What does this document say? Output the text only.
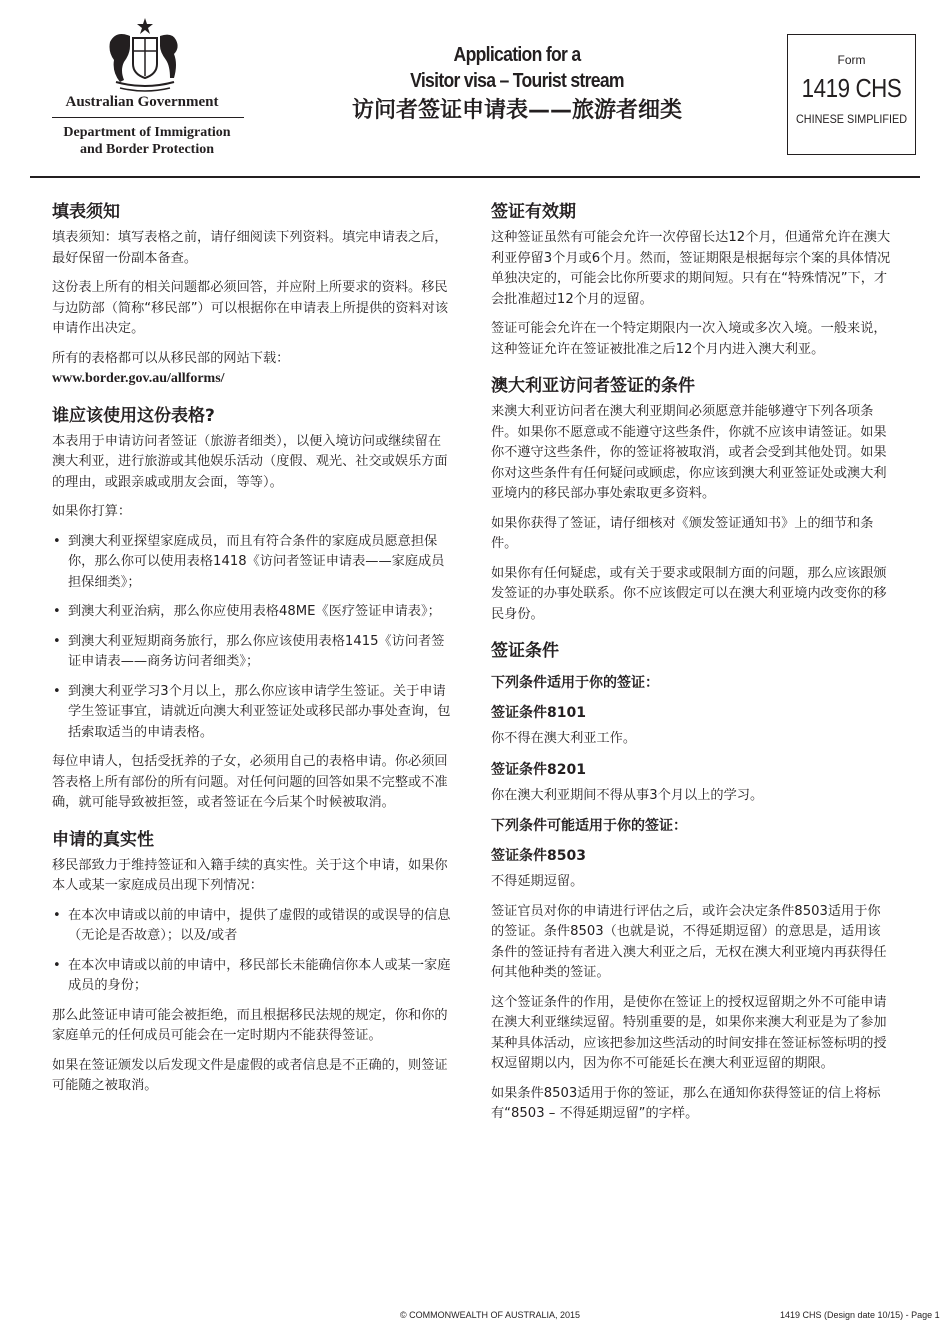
Australian Government
Department of Immigration
and Border Protection
Application for a
Visitor visa – Tourist stream
访问者签证申请表——旅游者细类
Form
1419 CHS
CHINESE SIMPLIFIED
填表须知

填表须知：填写表格之前，请仔细阅读下列资料。填完申请表之后，最好保留一份副本备查。

这份表上所有的相关问题都必须回答，并应附上所要求的资料。移民与边防部（简称“移民部”）可以根据你在申请表上所提供的资料对该申请作出决定。

所有的表格都可以从移民部的网站下载：
www.border.gov.au/allforms/

谁应该使用这份表格?

本表用于申请访问者签证（旅游者细类），以便入境访问或继续留在澳大利亚，进行旅游或其他娱乐活动（度假、观光、社交或娱乐方面的理由，或跟亲戚或朋友会面，等等）。

如果你打算：

• 到澳大利亚探望家庭成员，而且有符合条件的家庭成员愿意担保你，那么你可以使用表格1418《访问者签证申请表——家庭成员担保细类》；
• 到澳大利亚治病，那么你应使用表格48ME《医疗签证申请表》；
• 到澳大利亚短期商务旅行，那么你应该使用表格1415《访问者签证申请表——商务访问者细类》；
• 到澳大利亚学习3个月以上，那么你应该申请学生签证。关于申请学生签证事宜，请就近向澳大利亚签证处或移民部办事处查询，包括索取适当的申请表格。

每位申请人，包括受抚养的子女，必须用自己的表格申请。你必须回答表格上所有部份的所有问题。对任何问题的回答如果不完整或不准确，就可能导致被拒签，或者签证在今后某个时候被取消。

申请的真实性

移民部致力于维持签证和入籍手续的真实性。关于这个申请，如果你本人或某一家庭成员出现下列情况：

• 在本次申请或以前的申请中，提供了虚假的或错误的或误导的信息（无论是否故意）；以及/或者
• 在本次申请或以前的申请中，移民部长未能确信你本人或某一家庭成员的身份；

那么此签证申请可能会被拒绝，而且根据移民法规的规定，你和你的家庭单元的任何成员可能会在一定时期内不能获得签证。

如果在签证颁发以后发现文件是虚假的或者信息是不正确的，则签证可能随之被取消。

签证有效期

这种签证虽然有可能会允许一次停留长达12个月，但通常允许在澳大利亚停留3个月或6个月。然而，签证期限是根据每宗个案的具体情况单独决定的，可能会比你所要求的期间短。只有在“特殊情况”下，才会批准超过12个月的逗留。

签证可能会允许在一个特定期限内一次入境或多次入境。一般来说，这种签证允许在签证被批准之后12个月内进入澳大利亚。

澳大利亚访问者签证的条件

来澳大利亚访问者在澳大利亚期间必须愿意并能够遵守下列各项条件。如果你不愿意或不能遵守这些条件，你就不应该申请签证。如果你不遵守这些条件，你的签证将被取消，或者会受到其他处罚。如果你对这些条件有任何疑问或顾虑，你应该到澳大利亚签证处或澳大利亚境内的移民部办事处索取更多资料。

如果你获得了签证，请仔细核对《颁发签证通知书》上的细节和条件。

如果你有任何疑虑，或有关于要求或限制方面的问题，那么应该跟颁发签证的办事处联系。你不应该假定可以在澳大利亚境内改变你的移民身份。

签证条件
下列条件适用于你的签证：
签证条件8101

你不得在澳大利亚工作。

签证条件8201

你在澳大利亚期间不得从事3个月以上的学习。

下列条件可能适用于你的签证：
签证条件8503

不得延期逗留。

签证官员对你的申请进行评估之后，或许会决定条件8503适用于你的签证。条件8503（也就是说，不得延期逗留）的意思是，适用该条件的签证持有者进入澳大利亚之后，无权在澳大利亚境内再获得任何其他种类的签证。

这个签证条件的作用，是使你在签证上的授权逗留期之外不可能申请在澳大利亚继续逗留。特别重要的是，如果你来澳大利亚是为了参加某种具体活动，应该把参加这些活动的时间安排在签证标签标明的授权逗留期以内，因为你不可能延长在澳大利亚逗留的期限。

如果条件8503适用于你的签证，那么在通知你获得签证的信上将标有“8503 – 不得延期逗留”的字样。

© COMMONWEALTH OF AUSTRALIA, 2015	1419 CHS (Design date 10/15) - Page 1
